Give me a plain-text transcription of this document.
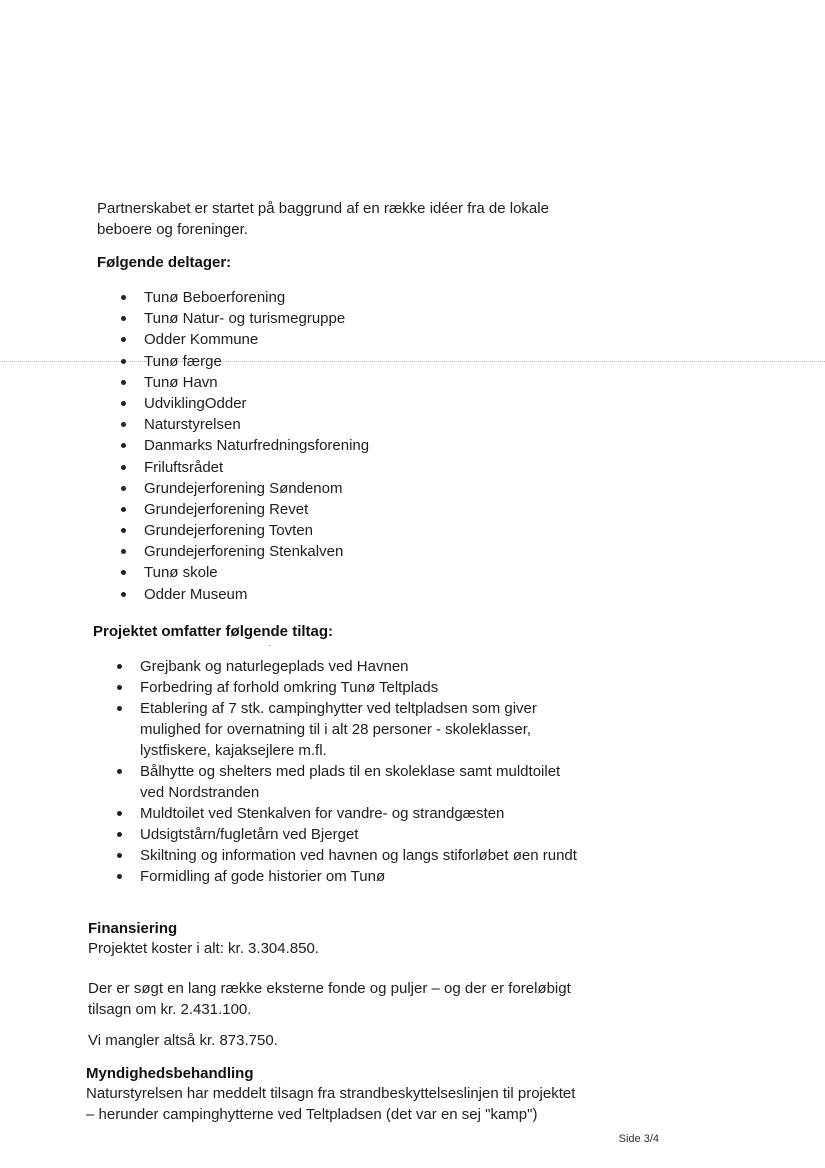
Partnerskabet er startet på baggrund af en række idéer fra de lokale beboere og foreninger.

Følgende deltager:
Tunø Beboerforening
Tunø Natur- og turismegruppe
Odder Kommune
Tunø færge
Tunø Havn
UdviklingOdder
Naturstyrelsen
Danmarks Naturfredningsforening
Friluftsrådet
Grundejerforening Søndenom
Grundejerforening Revet
Grundejerforening Tovten
Grundejerforening Stenkalven
Tunø skole
Odder Museum
Projektet omfatter følgende tiltag:
Grejbank og naturlegeplads ved Havnen
Forbedring af forhold omkring Tunø Teltplads
Etablering af 7 stk. campinghytter ved teltpladsen som giver mulighed for overnatning til i alt 28 personer - skoleklasser, lystfiskere, kajaksejlere m.fl.
Bålhytte og shelters med plads til en skoleklase samt muldtoilet ved Nordstranden
Muldtoilet ved Stenkalven for vandre- og strandgæsten
Udsigtstårn/fugletårn ved Bjerget
Skiltning og information ved havnen og langs stiforløbet øen rundt
Formidling af gode historier om Tunø
Finansiering

Projektet koster i alt: kr. 3.304.850.

Der er søgt en lang række eksterne fonde og puljer – og der er foreløbigt tilsagn om kr. 2.431.100.

Vi mangler altså kr. 873.750.

Myndighedsbehandling

Naturstyrelsen har meddelt tilsagn fra strandbeskyttelseslinjen til projektet – herunder campinghytterne ved Teltpladsen (det var en sej "kamp")

Side 3/4
